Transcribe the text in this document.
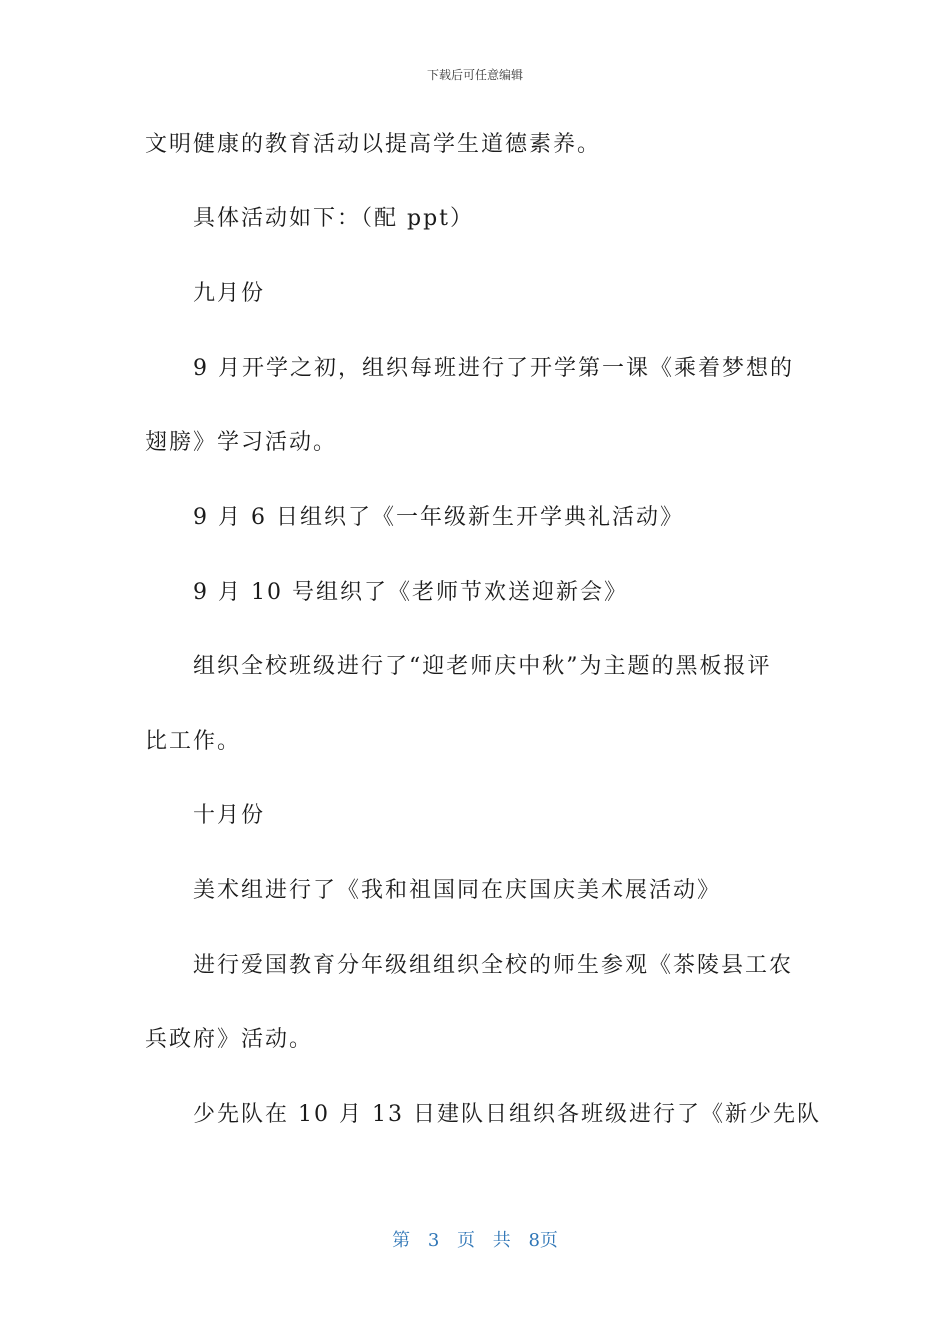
下载后可任意编辑
文明健康的教育活动以提高学生道德素养。
具体活动如下：（配 ppt）
九月份
9 月开学之初，组织每班进行了开学第一课《乘着梦想的
翅膀》学习活动。
9 月 6 日组织了《一年级新生开学典礼活动》
9 月 10 号组织了《老师节欢送迎新会》
组织全校班级进行了“迎老师庆中秋”为主题的黑板报评
比工作。
十月份
美术组进行了《我和祖国同在庆国庆美术展活动》
进行爱国教育分年级组组织全校的师生参观《茶陵县工农
兵政府》活动。
少先队在 10 月 13 日建队日组织各班级进行了《新少先队
第 3 页 共 8页
